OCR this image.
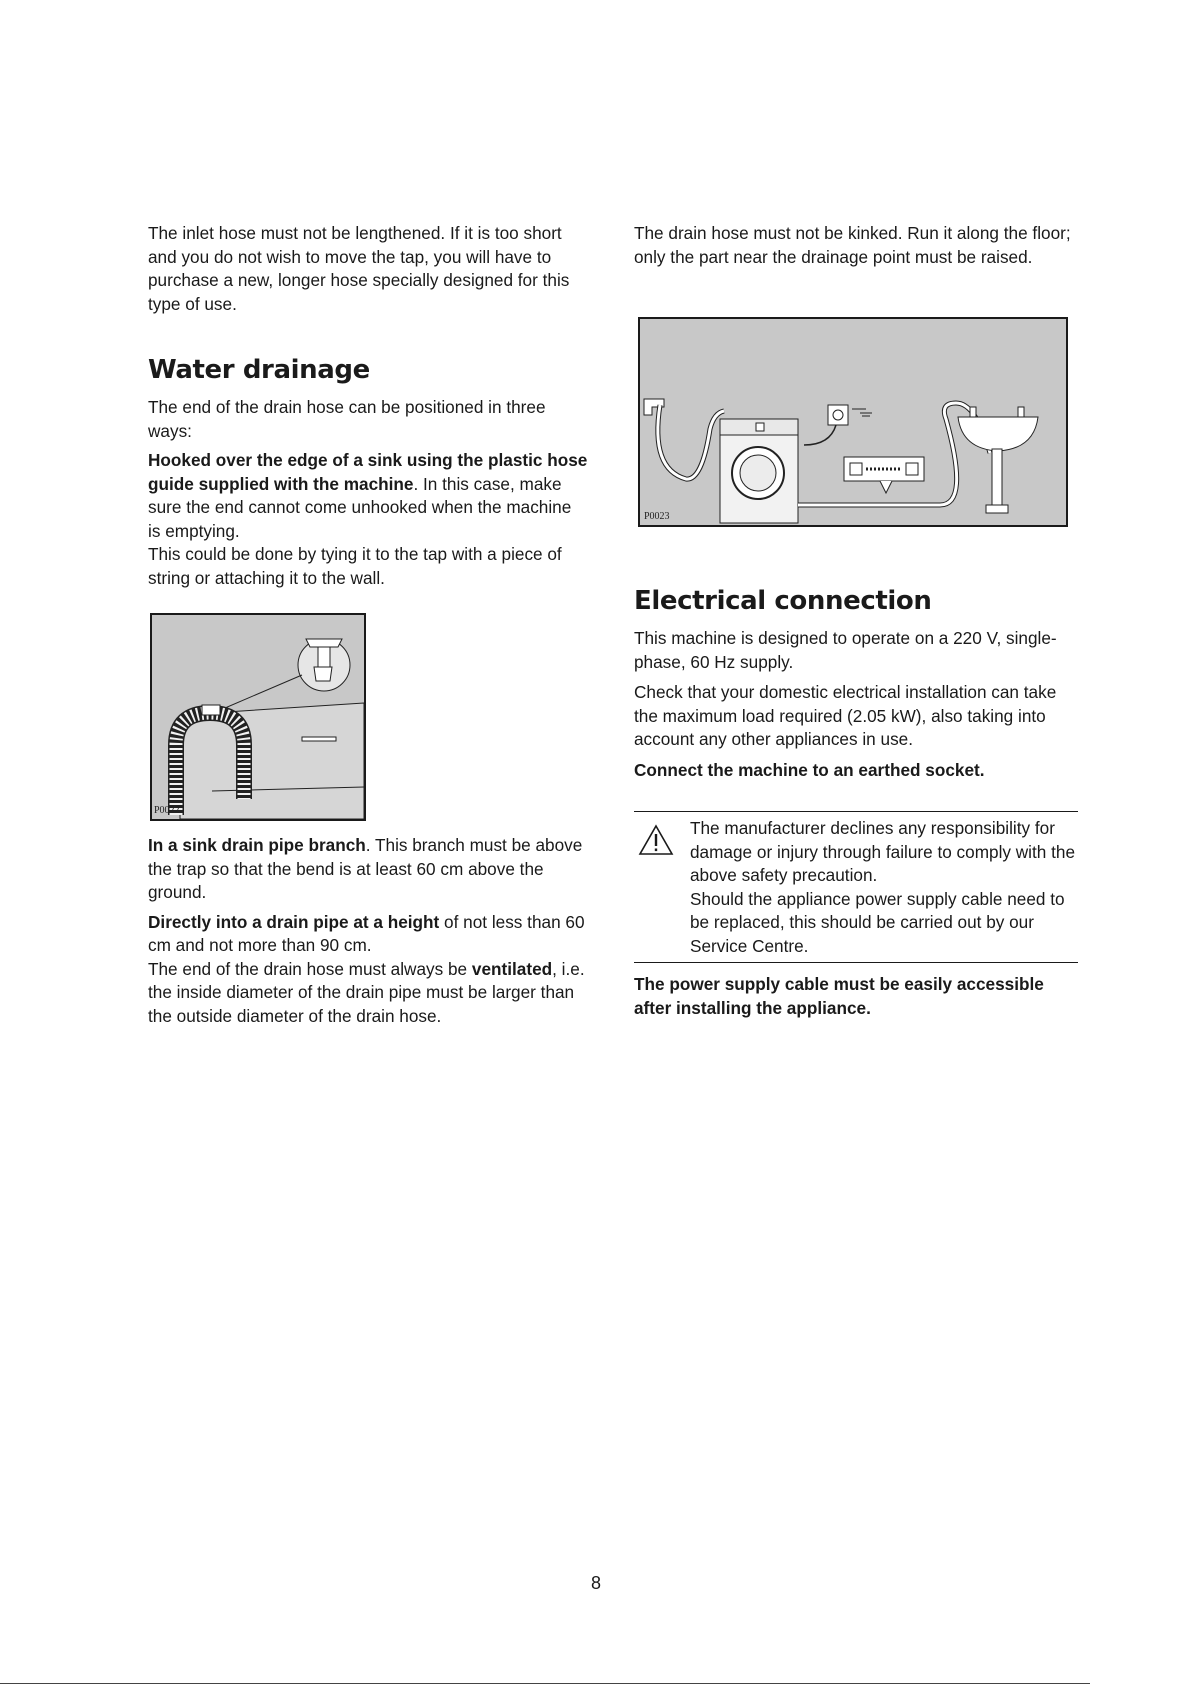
The inlet hose must not be lengthened. If it is too short and you do not wish to move the tap, you will have to purchase a new, longer hose specially designed for this type of use.

Water drainage

The end of the drain hose can be positioned in three ways:

Hooked over the edge of a sink using the plastic hose guide supplied with the machine. In this case, make sure the end cannot come unhooked when the machine is emptying.

This could be done by tying it to the tap with a piece of string or attaching it to the wall.

P0022

In a sink drain pipe branch. This branch must be above the trap so that the bend is at least 60 cm above the ground.

Directly into a drain pipe at a height of not less than 60 cm and not more than 90 cm.

The end of the drain hose must always be ventilated, i.e. the inside diameter of the drain pipe must be larger than the outside diameter of the drain hose.

The drain hose must not be kinked. Run it along the floor; only the part near the drainage point must be raised.

P0023
Electrical connection

This machine is designed to operate on a 220 V, single-phase, 60 Hz supply.

Check that your domestic electrical installation can take the maximum load required (2.05 kW), also taking into account any other appliances in use.

Connect the machine to an earthed socket.

The manufacturer declines any responsibility for damage or injury through failure to comply with the above safety precaution.

Should the appliance power supply cable need to be replaced, this should be carried out by our Service Centre.

The power supply cable must be easily accessible after installing the appliance.

8
